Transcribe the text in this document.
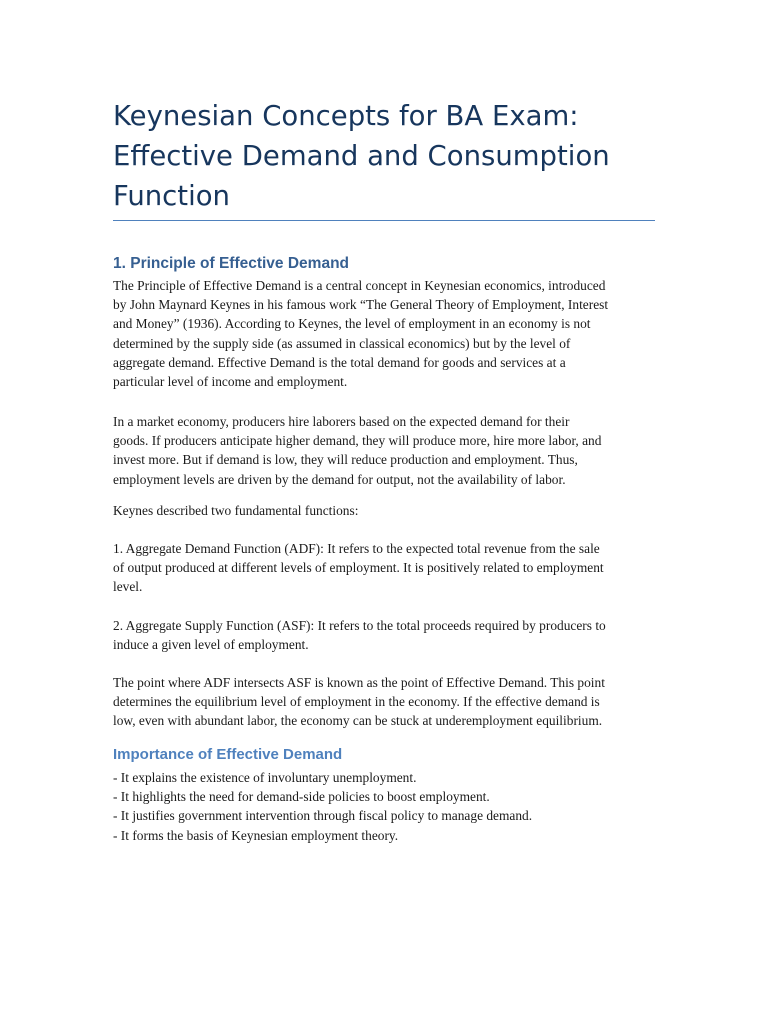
Keynesian Concepts for BA Exam:
Effective Demand and Consumption
Function
1. Principle of Effective Demand

The Principle of Effective Demand is a central concept in Keynesian economics, introduced
by John Maynard Keynes in his famous work “The General Theory of Employment, Interest
and Money” (1936). According to Keynes, the level of employment in an economy is not
determined by the supply side (as assumed in classical economics) but by the level of
aggregate demand. Effective Demand is the total demand for goods and services at a
particular level of income and employment.

In a market economy, producers hire laborers based on the expected demand for their
goods. If producers anticipate higher demand, they will produce more, hire more labor, and
invest more. But if demand is low, they will reduce production and employment. Thus,
employment levels are driven by the demand for output, not the availability of labor.

Keynes described two fundamental functions:

1. Aggregate Demand Function (ADF): It refers to the expected total revenue from the sale
of output produced at different levels of employment. It is positively related to employment
level.

2. Aggregate Supply Function (ASF): It refers to the total proceeds required by producers to
induce a given level of employment.

The point where ADF intersects ASF is known as the point of Effective Demand. This point
determines the equilibrium level of employment in the economy. If the effective demand is
low, even with abundant labor, the economy can be stuck at underemployment equilibrium.

Importance of Effective Demand

- It explains the existence of involuntary unemployment.
- It highlights the need for demand-side policies to boost employment.
- It justifies government intervention through fiscal policy to manage demand.
- It forms the basis of Keynesian employment theory.
